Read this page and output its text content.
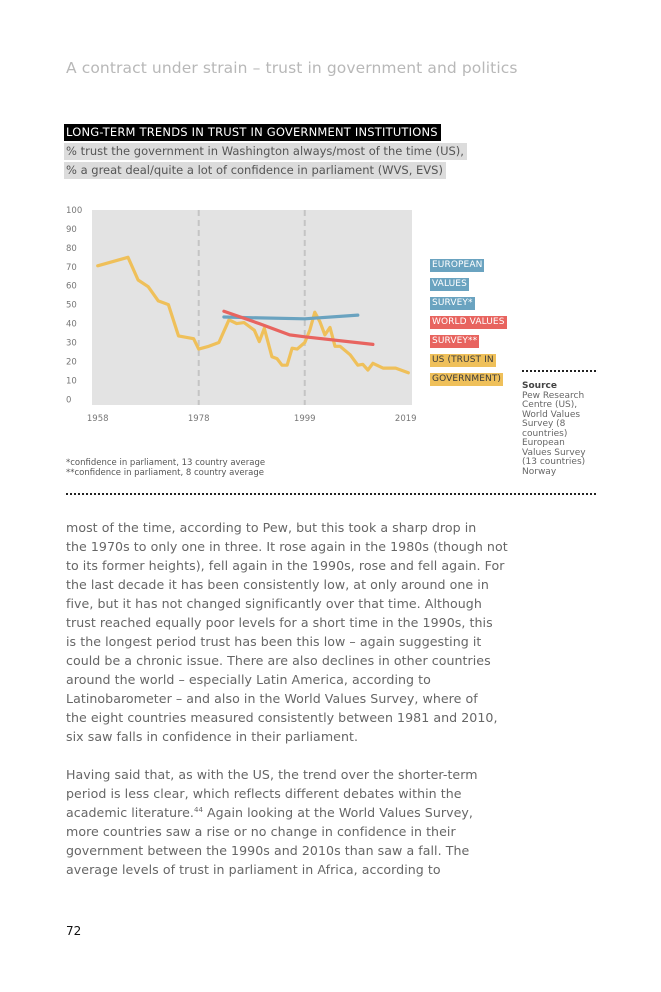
A contract under strain – trust in government and politics
LONG-TERM TRENDS IN TRUST IN GOVERNMENT INSTITUTIONS
% trust the government in Washington always/most of the time (US),
% a great deal/quite a lot of confidence in parliament (WVS, EVS)
0
10
20
30
40
50
60
70
80
90
100
1958	1978	1999	2019
EUROPEAN
VALUES
SURVEY*
WORLD VALUES
SURVEY**
US (TRUST IN
GOVERNMENT)
Source
Pew Research
Centre (US),
World Values
Survey (8
countries)
European
Values Survey
(13 countries)
Norway
*confidence in parliament, 13 country average
**confidence in parliament, 8 country average
most of the time, according to Pew, but this took a sharp drop in
the 1970s to only one in three. It rose again in the 1980s (though not
to its former heights), fell again in the 1990s, rose and fell again. For
the last decade it has been consistently low, at only around one in
five, but it has not changed significantly over that time. Although
trust reached equally poor levels for a short time in the 1990s, this
is the longest period trust has been this low – again suggesting it
could be a chronic issue. There are also declines in other countries
around the world – especially Latin America, according to
Latinobarometer – and also in the World Values Survey, where of
the eight countries measured consistently between 1981 and 2010,
six saw falls in confidence in their parliament.
Having said that, as with the US, the trend over the shorter-term
period is less clear, which reflects different debates within the
academic literature.$^{44}$ Again looking at the World Values Survey,
more countries saw a rise or no change in confidence in their
government between the 1990s and 2010s than saw a fall. The
average levels of trust in parliament in Africa, according to
72
